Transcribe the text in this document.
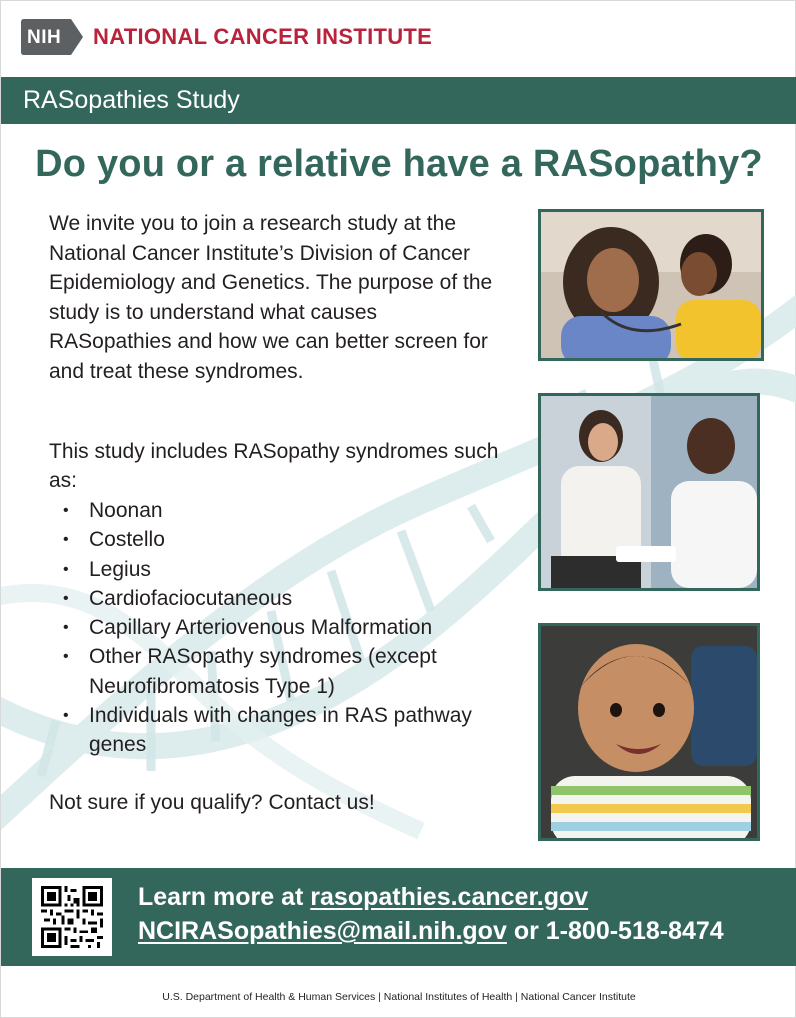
NIH NATIONAL CANCER INSTITUTE
RASopathies Study
Do you or a relative have a RASopathy?

We invite you to join a research study at the National Cancer Institute’s Division of Cancer Epidemiology and Genetics. The purpose of the study is to understand what causes RASopathies and how we can better screen for and treat these syndromes.

This study includes RASopathy syndromes such as:

• Noonan
• Costello
• Legius
• Cardiofaciocutaneous
• Capillary Arteriovenous Malformation
• Other RASopathy syndromes (except Neurofibromatosis Type 1)
• Individuals with changes in RAS pathway genes

Not sure if you qualify? Contact us!

Learn more at rasopathies.cancer.gov
NCIRASopathies@mail.nih.gov or 1-800-518-8474
U.S. Department of Health & Human Services | National Institutes of Health | National Cancer Institute
